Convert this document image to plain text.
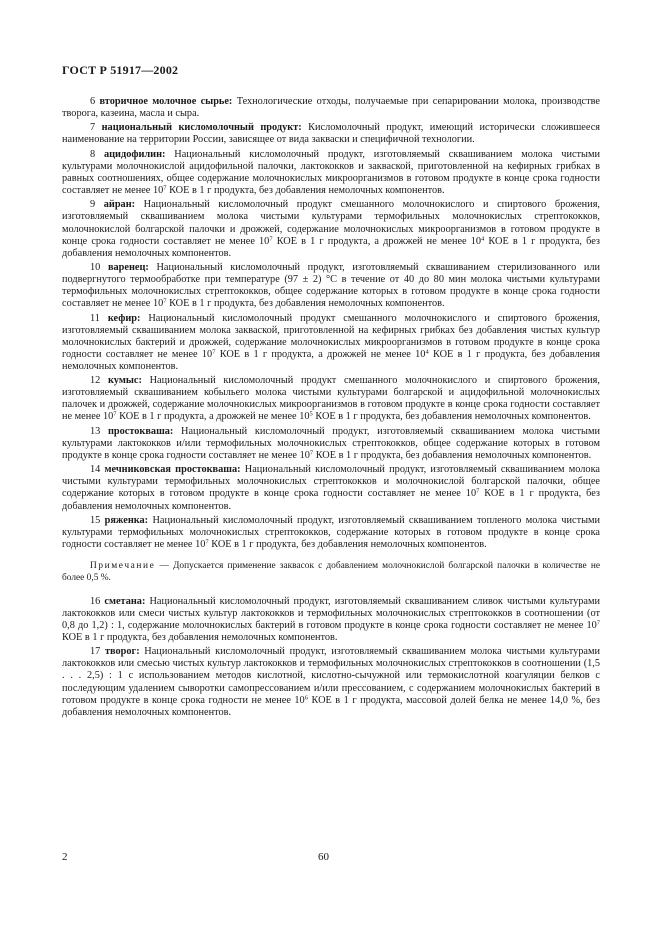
ГОСТ Р 51917—2002

6 вторичное молочное сырье: Технологические отходы, получаемые при сепарировании молока, производстве творога, казеина, масла и сыра.

7 национальный кисломолочный продукт: Кисломолочный продукт, имеющий исторически сложившееся наименование на территории России, зависящее от вида закваски и специфичной технологии.

8 ацидофилин: Национальный кисломолочный продукт, изготовляемый сквашиванием молока чистыми культурами молочнокислой ацидофильной палочки, лактококков и закваской, приготовленной на кефирных грибках в равных соотношениях, общее содержание молочнокислых микроорганизмов в готовом продукте в конце срока годности составляет не менее $10^7$ КОЕ в 1 г продукта, без добавления немолочных компонентов.

9 айран: Национальный кисломолочный продукт смешанного молочнокислого и спиртового брожения, изготовляемый сквашиванием молока чистыми культурами термофильных молочнокислых стрептококков, молочнокислой болгарской палочки и дрожжей, содержание молочнокислых микроорганизмов в готовом продукте в конце срока годности составляет не менее $10^7$ КОЕ в 1 г продукта, а дрожжей не менее $10^4$ КОЕ в 1 г продукта, без добавления немолочных компонентов.

10 варенец: Национальный кисломолочный продукт, изготовляемый сквашиванием стерилизованного или подвергнутого термообработке при температуре (97 ± 2) °С в течение от 40 до 80 мин молока чистыми культурами термофильных молочнокислых стрептококков, общее содержание которых в готовом продукте в конце срока годности составляет не менее $10^7$ КОЕ в 1 г продукта, без добавления немолочных компонентов.

11 кефир: Национальный кисломолочный продукт смешанного молочнокислого и спиртового брожения, изготовляемый сквашиванием молока закваской, приготовленной на кефирных грибках без добавления чистых культур молочнокислых бактерий и дрожжей, содержание молочнокислых микроорганизмов в готовом продукте в конце срока годности составляет не менее $10^7$ КОЕ в 1 г продукта, а дрожжей не менее $10^4$ КОЕ в 1 г продукта, без добавления немолочных компонентов.

12 кумыс: Национальный кисломолочный продукт смешанного молочнокислого и спиртового брожения, изготовляемый сквашиванием кобыльего молока чистыми культурами болгарской и ацидофильной молочнокислых палочек и дрожжей, содержание молочнокислых микроорганизмов в готовом продукте в конце срока годности составляет не менее $10^7$ КОЕ в 1 г продукта, а дрожжей не менее $10^5$ КОЕ в 1 г продукта, без добавления немолочных компонентов.

13 простокваша: Национальный кисломолочный продукт, изготовляемый сквашиванием молока чистыми культурами лактококков и/или термофильных молочнокислых стрептококков, общее содержание которых в готовом продукте в конце срока годности составляет не менее $10^7$ КОЕ в 1 г продукта, без добавления немолочных компонентов.

14 мечниковская простокваша: Национальный кисломолочный продукт, изготовляемый сквашиванием молока чистыми культурами термофильных молочнокислых стрептококков и молочнокислой болгарской палочки, общее содержание которых в готовом продукте в конце срока годности составляет не менее $10^7$ КОЕ в 1 г продукта, без добавления немолочных компонентов.

15 ряженка: Национальный кисломолочный продукт, изготовляемый сквашиванием топленого молока чистыми культурами термофильных молочнокислых стрептококков, содержание которых в готовом продукте в конце срока годности составляет не менее $10^7$ КОЕ в 1 г продукта, без добавления немолочных компонентов.

Примечание — Допускается применение заквасок с добавлением молочнокислой болгарской палочки в количестве не более 0,5 %.

16 сметана: Национальный кисломолочный продукт, изготовляемый сквашиванием сливок чистыми культурами лактококков или смеси чистых культур лактококков и термофильных молочнокислых стрептококков в соотношении (от 0,8 до 1,2) : 1, содержание молочнокислых бактерий в готовом продукте в конце срока годности составляет не менее $10^7$ КОЕ в 1 г продукта, без добавления немолочных компонентов.

17 творог: Национальный кисломолочный продукт, изготовляемый сквашиванием молока чистыми культурами лактококков или смесью чистых культур лактококков и термофильных молочнокислых стрептококков в соотношении (1,5 . . . 2,5) : 1 с использованием методов кислотной, кислотно-сычужной или термокислотной коагуляции белков с последующим удалением сыворотки самопрессованием и/или прессованием, с содержанием молочнокислых бактерий в готовом продукте в конце срока годности не менее $10^6$ КОЕ в 1 г продукта, массовой долей белка не менее 14,0 %, без добавления немолочных компонентов.

2	60
